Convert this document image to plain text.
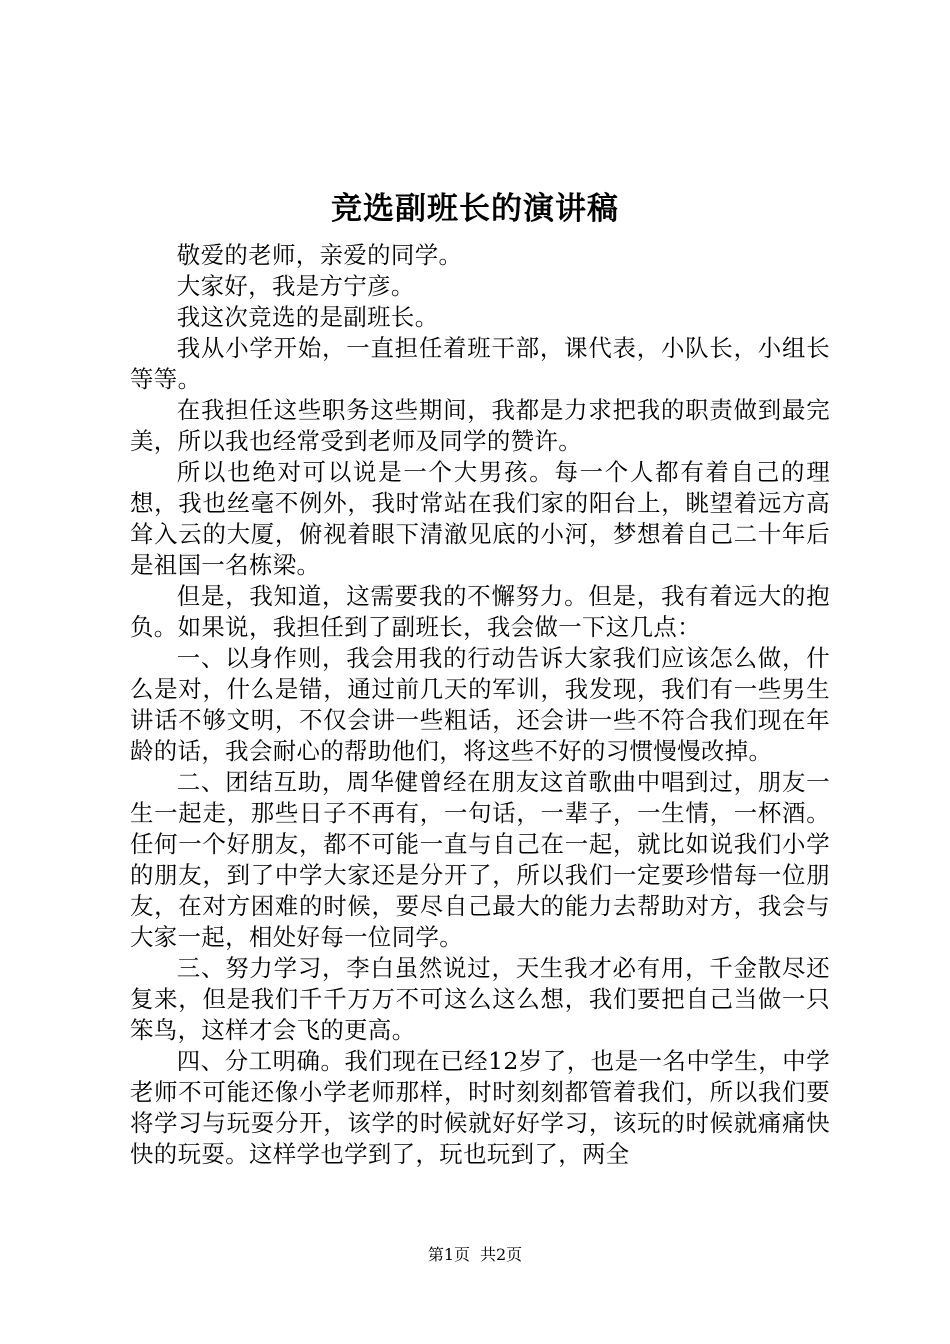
竞选副班长的演讲稿

敬爱的老师，亲爱的同学。

大家好，我是方宁彦。

我这次竞选的是副班长。

我从小学开始，一直担任着班干部，课代表，小队长，小组长等等。

在我担任这些职务这些期间，我都是力求把我的职责做到最完美，所以我也经常受到老师及同学的赞许。

所以也绝对可以说是一个大男孩。每一个人都有着自己的理想，我也丝毫不例外，我时常站在我们家的阳台上，眺望着远方高耸入云的大厦，俯视着眼下清澈见底的小河，梦想着自己二十年后是祖国一名栋梁。

但是，我知道，这需要我的不懈努力。但是，我有着远大的抱负。如果说，我担任到了副班长，我会做一下这几点：

一、以身作则，我会用我的行动告诉大家我们应该怎么做，什么是对，什么是错，通过前几天的军训，我发现，我们有一些男生讲话不够文明，不仅会讲一些粗话，还会讲一些不符合我们现在年龄的话，我会耐心的帮助他们，将这些不好的习惯慢慢改掉。

二、团结互助，周华健曾经在朋友这首歌曲中唱到过，朋友一生一起走，那些日子不再有，一句话，一辈子，一生情，一杯酒。任何一个好朋友，都不可能一直与自己在一起，就比如说我们小学的朋友，到了中学大家还是分开了，所以我们一定要珍惜每一位朋友，在对方困难的时候，要尽自己最大的能力去帮助对方，我会与大家一起，相处好每一位同学。

三、努力学习，李白虽然说过，天生我才必有用，千金散尽还复来，但是我们千千万万不可这么这么想，我们要把自己当做一只笨鸟，这样才会飞的更高。

四、分工明确。我们现在已经12岁了，也是一名中学生，中学老师不可能还像小学老师那样，时时刻刻都管着我们，所以我们要将学习与玩耍分开，该学的时候就好好学习，该玩的时候就痛痛快快的玩耍。这样学也学到了，玩也玩到了，两全

第1页 共2页
